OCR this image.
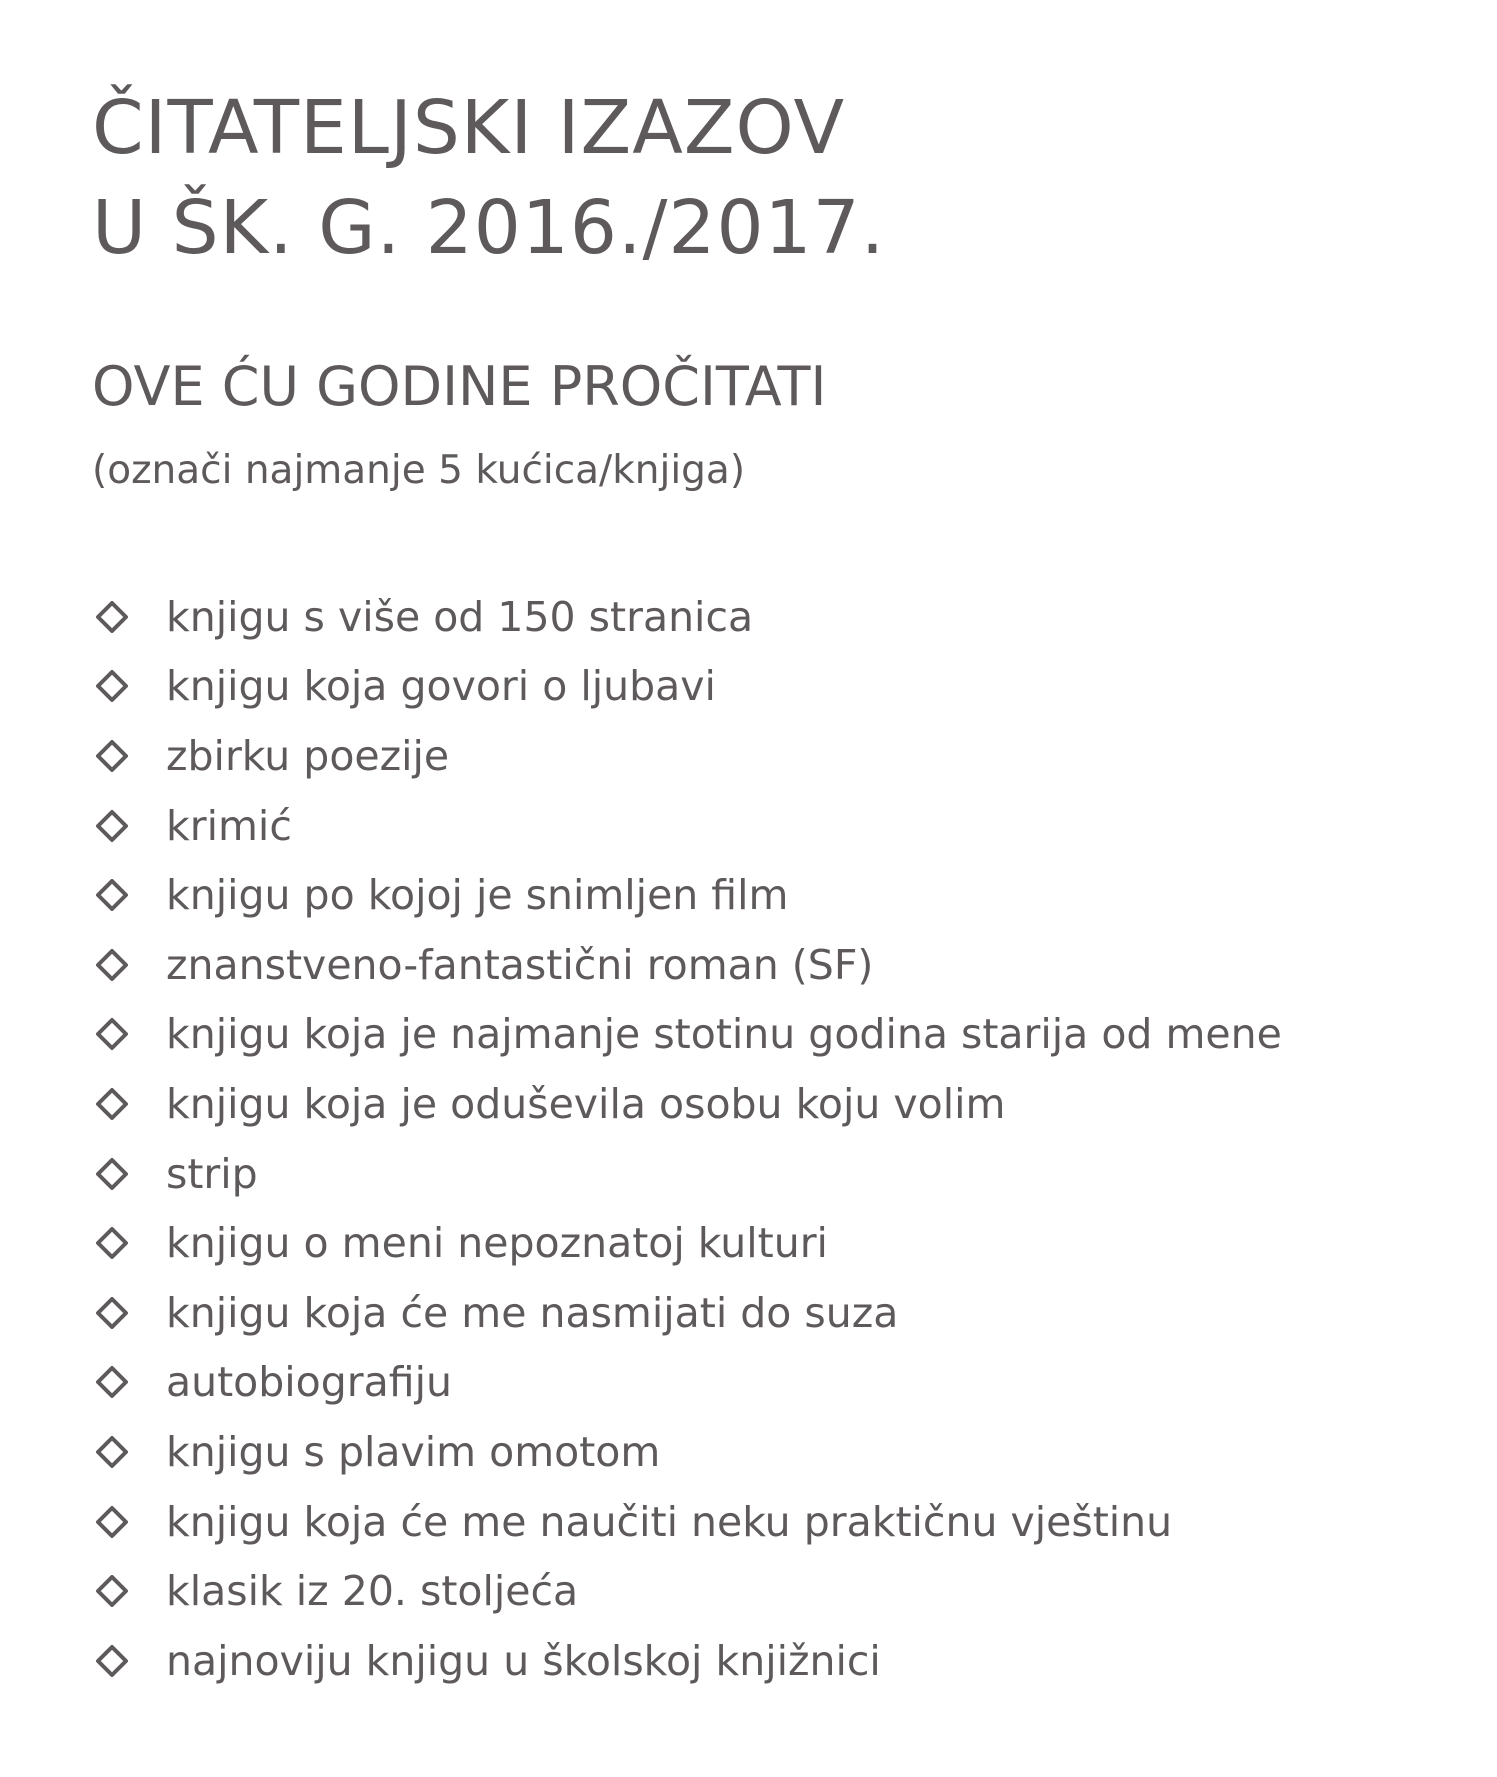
ČITATELJSKI IZAZOV
U ŠK. G. 2016./2017.
OVE ĆU GODINE PROČITATI

(označi najmanje 5 kućica/knjiga)

knjigu s više od 150 stranica
knjigu koja govori o ljubavi
zbirku poezije
krimić
knjigu po kojoj je snimljen film
znanstveno-fantastični roman (SF)
knjigu koja je najmanje stotinu godina starija od mene
knjigu koja je oduševila osobu koju volim
strip
knjigu o meni nepoznatoj kulturi
knjigu koja će me nasmijati do suza
autobiografiju
knjigu s plavim omotom
knjigu koja će me naučiti neku praktičnu vještinu
klasik iz 20. stoljeća
najnoviju knjigu u školskoj knjižnici
